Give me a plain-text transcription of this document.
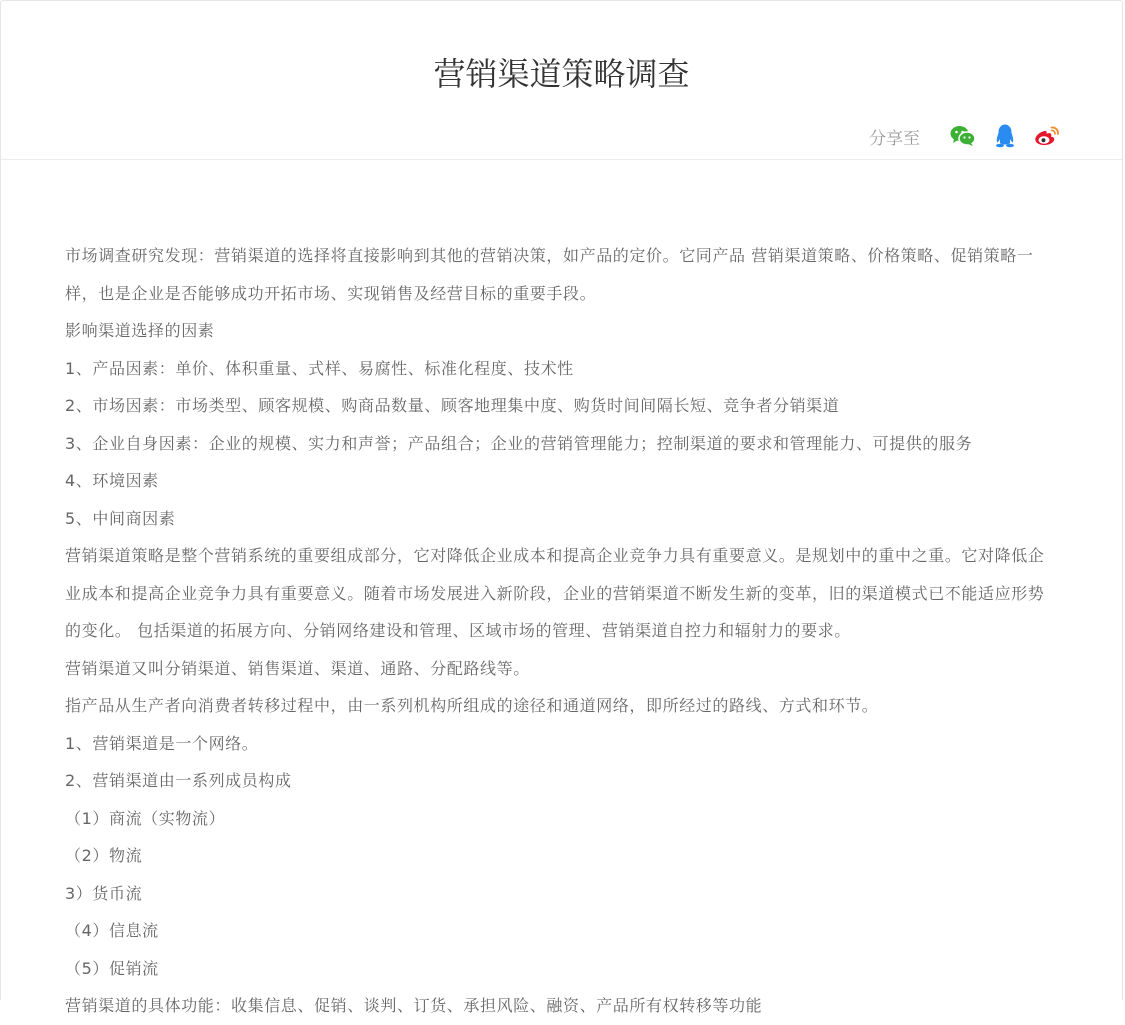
营销渠道策略调查
分享至

市场调查研究发现：营销渠道的选择将直接影响到其他的营销决策，如产品的定价。它同产品 营销渠道策略、价格策略、促销策略一样，也是企业是否能够成功开拓市场、实现销售及经营目标的重要手段。

影响渠道选择的因素

1、产品因素：单价、体积重量、式样、易腐性、标准化程度、技术性

2、市场因素：市场类型、顾客规模、购商品数量、顾客地理集中度、购货时间间隔长短、竞争者分销渠道

3、企业自身因素：企业的规模、实力和声誉；产品组合；企业的营销管理能力；控制渠道的要求和管理能力、可提供的服务

4、环境因素

5、中间商因素

营销渠道策略是整个营销系统的重要组成部分，它对降低企业成本和提高企业竞争力具有重要意义。是规划中的重中之重。它对降低企业成本和提高企业竞争力具有重要意义。随着市场发展进入新阶段，企业的营销渠道不断发生新的变革，旧的渠道模式已不能适应形势的变化。 包括渠道的拓展方向、分销网络建设和管理、区域市场的管理、营销渠道自控力和辐射力的要求。

营销渠道又叫分销渠道、销售渠道、渠道、通路、分配路线等。

指产品从生产者向消费者转移过程中，由一系列机构所组成的途径和通道网络，即所经过的路线、方式和环节。

1、营销渠道是一个网络。

2、营销渠道由一系列成员构成

（1）商流（实物流）

（2）物流

3）货币流

（4）信息流

（5）促销流

营销渠道的具体功能：收集信息、促销、谈判、订货、承担风险、融资、产品所有权转移等功能
